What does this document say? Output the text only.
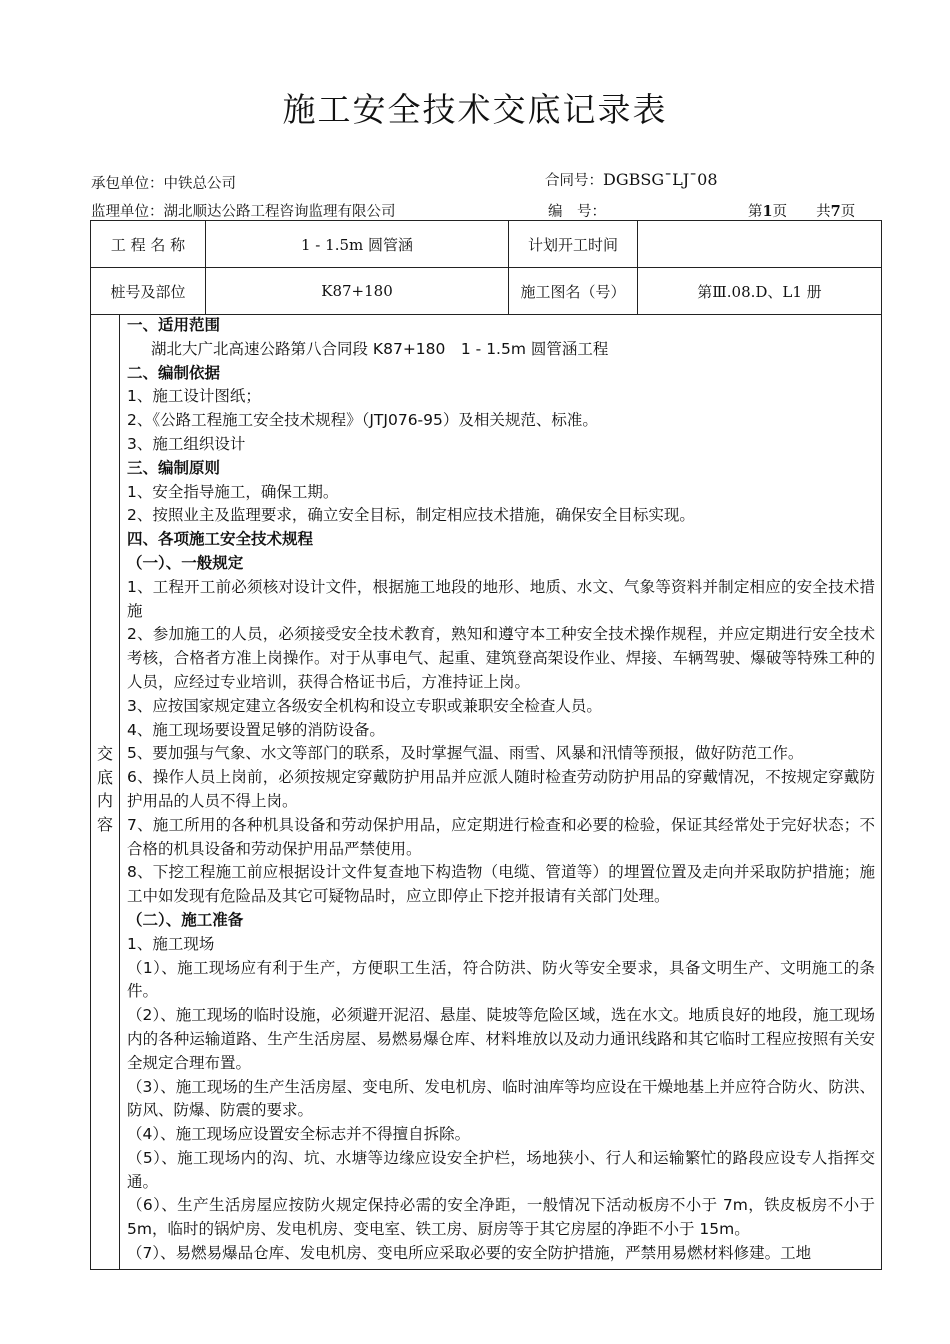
施工安全技术交底记录表
承包单位：中铁总公司	合同号：DGBSG¯LJ¯08
监理单位：湖北顺达公路工程咨询监理有限公司	编　号：	第1页　　共7页
工 程 名 称	1 - 1.5m 圆管涵	计划开工时间	
桩号及部位	K87+180	施工图名（号）	第Ⅲ.08.D、L1 册
交
底
内
容

一、适用范围

湖北大广北高速公路第八合同段 K87+180　1 - 1.5m 圆管涵工程

二、编制依据

1、施工设计图纸；

2、《公路工程施工安全技术规程》（JTJ076-95）及相关规范、标准。

3、施工组织设计

三、编制原则

1、安全指导施工，确保工期。

2、按照业主及监理要求，确立安全目标，制定相应技术措施，确保安全目标实现。

四、各项施工安全技术规程

（一）、一般规定

1、工程开工前必须核对设计文件，根据施工地段的地形、地质、水文、气象等资料并制定相应的安全技术措施

2、参加施工的人员，必须接受安全技术教育，熟知和遵守本工种安全技术操作规程，并应定期进行安全技术考核，合格者方准上岗操作。对于从事电气、起重、建筑登高架设作业、焊接、车辆驾驶、爆破等特殊工种的人员，应经过专业培训，获得合格证书后，方准持证上岗。

3、应按国家规定建立各级安全机构和设立专职或兼职安全检查人员。

4、施工现场要设置足够的消防设备。

5、要加强与气象、水文等部门的联系，及时掌握气温、雨雪、风暴和汛情等预报，做好防范工作。

6、操作人员上岗前，必须按规定穿戴防护用品并应派人随时检查劳动防护用品的穿戴情况，不按规定穿戴防护用品的人员不得上岗。

7、施工所用的各种机具设备和劳动保护用品，应定期进行检查和必要的检验，保证其经常处于完好状态；不合格的机具设备和劳动保护用品严禁使用。

8、下挖工程施工前应根据设计文件复查地下构造物（电缆、管道等）的埋置位置及走向并采取防护措施；施工中如发现有危险品及其它可疑物品时，应立即停止下挖并报请有关部门处理。

（二）、施工准备

1、施工现场

（1）、施工现场应有利于生产，方便职工生活，符合防洪、防火等安全要求，具备文明生产、文明施工的条件。

（2）、施工现场的临时设施，必须避开泥沼、悬崖、陡坡等危险区域，选在水文。地质良好的地段，施工现场内的各种运输道路、生产生活房屋、易燃易爆仓库、材料堆放以及动力通讯线路和其它临时工程应按照有关安全规定合理布置。

（3）、施工现场的生产生活房屋、变电所、发电机房、临时油库等均应设在干燥地基上并应符合防火、防洪、防风、防爆、防震的要求。

（4）、施工现场应设置安全标志并不得擅自拆除。

（5）、施工现场内的沟、坑、水塘等边缘应设安全护栏，场地狭小、行人和运输繁忙的路段应设专人指挥交通。

（6）、生产生活房屋应按防火规定保持必需的安全净距，一般情况下活动板房不小于 7m，铁皮板房不小于 5m，临时的锅炉房、发电机房、变电室、铁工房、厨房等于其它房屋的净距不小于 15m。

（7）、易燃易爆品仓库、发电机房、变电所应采取必要的安全防护措施，严禁用易燃材料修建。工地
